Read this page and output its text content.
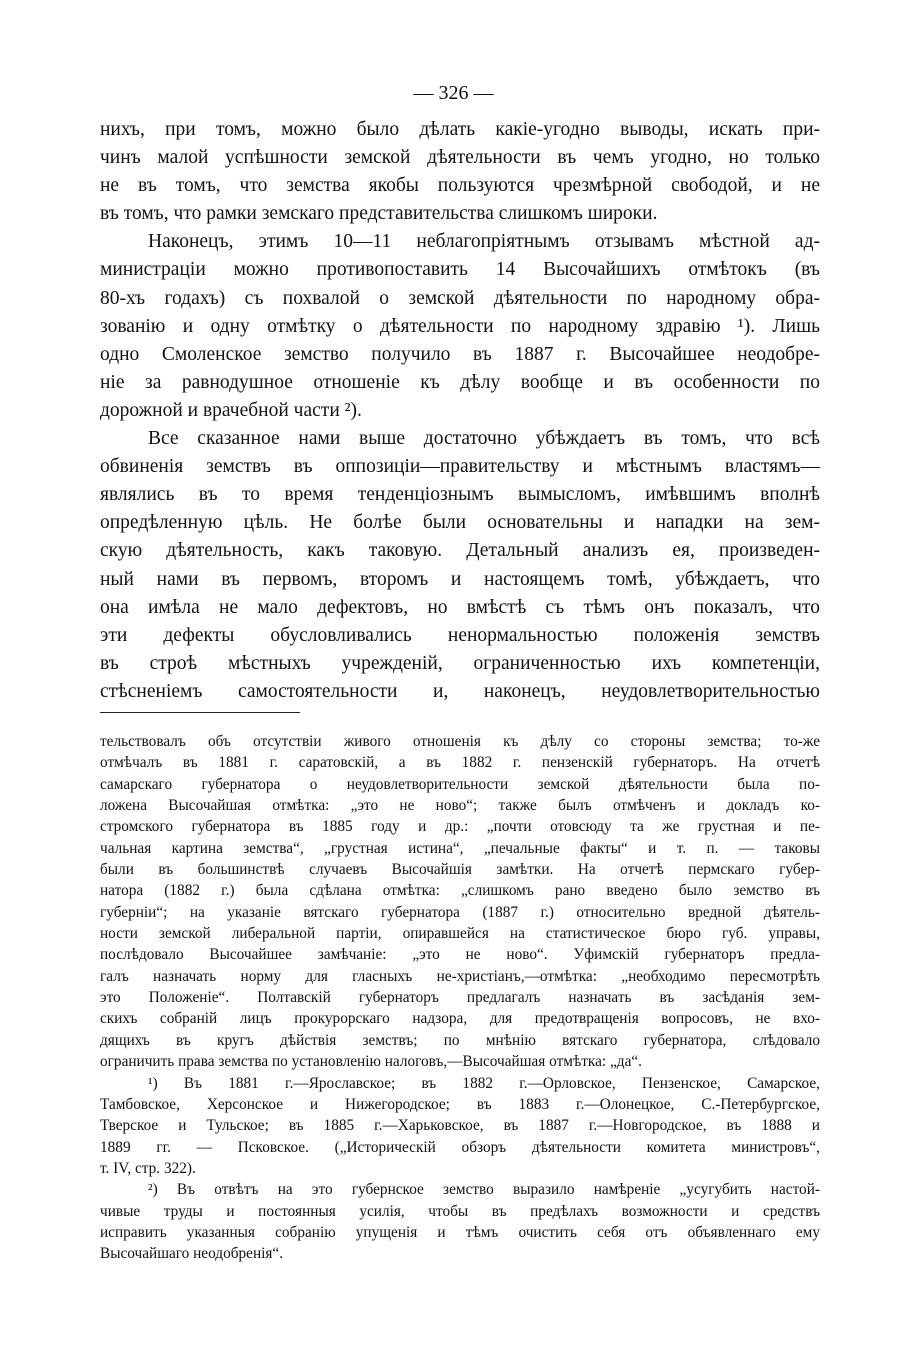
— 326 —
нихъ, при томъ, можно было дѣлать какіе-угодно выводы, искать при-
чинъ малой успѣшности земской дѣятельности въ чемъ угодно, но только
не въ томъ, что земства якобы пользуются чрезмѣрной свободой, и не
въ томъ, что рамки земскаго представительства слишкомъ широки.
Наконецъ, этимъ 10—11 неблагопріятнымъ отзывамъ мѣстной ад-
министраціи можно противопоставить 14 Высочайшихъ отмѣтокъ (въ
80-хъ годахъ) съ похвалой о земской дѣятельности по народному обра-
зованію и одну отмѣтку о дѣятельности по народному здравію ¹). Лишь
одно Смоленское земство получило въ 1887 г. Высочайшее неодобре-
ніе за равнодушное отношеніе къ дѣлу вообще и въ особенности по
дорожной и врачебной части ²).
Все сказанное нами выше достаточно убѣждаетъ въ томъ, что всѣ
обвиненія земствъ въ оппозиціи—правительству и мѣстнымъ властямъ—
являлись въ то время тенденціознымъ вымысломъ, имѣвшимъ вполнѣ
опредѣленную цѣль. Не болѣе были основательны и нападки на зем-
скую дѣятельность, какъ таковую. Детальный анализъ ея, произведен-
ный нами въ первомъ, второмъ и настоящемъ томѣ, убѣждаетъ, что
она имѣла не мало дефектовъ, но вмѣстѣ съ тѣмъ онъ показалъ, что
эти дефекты обусловливались ненормальностью положенія земствъ
въ строѣ мѣстныхъ учрежденій, ограниченностью ихъ компетенціи,
стѣсненіемъ самостоятельности и, наконецъ, неудовлетворительностью
тельствовалъ объ отсутствіи живого отношенія къ дѣлу со стороны земства; то-же
отмѣчалъ въ 1881 г. саратовскій, а въ 1882 г. пензенскій губернаторъ. На отчетѣ
самарскаго губернатора о неудовлетворительности земской дѣятельности была по-
ложена Высочайшая отмѣтка: „это не ново“; также былъ отмѣченъ и докладъ ко-
стромского губернатора въ 1885 году и др.: „почти отовсюду та же грустная и пе-
чальная картина земства“, „грустная истина“, „печальные факты“ и т. п. — таковы
были въ большинствѣ случаевъ Высочайшія замѣтки. На отчетѣ пермскаго губер-
натора (1882 г.) была сдѣлана отмѣтка: „слишкомъ рано введено было земство въ
губерніи“; на указаніе вятскаго губернатора (1887 г.) относительно вредной дѣятель-
ности земской либеральной партіи, опиравшейся на статистическое бюро губ. управы,
послѣдовало Высочайшее замѣчаніе: „это не ново“. Уфимскій губернаторъ предла-
галъ назначать норму для гласныхъ не-христіанъ,—отмѣтка: „необходимо пересмотрѣть
это Положеніе“. Полтавскій губернаторъ предлагалъ назначать въ засѣданія зем-
скихъ собраній лицъ прокурорскаго надзора, для предотвращенія вопросовъ, не вхо-
дящихъ въ кругъ дѣйствія земствъ; по мнѣнію вятскаго губернатора, слѣдовало
ограничить права земства по установленію налоговъ,—Высочайшая отмѣтка: „да“.
¹) Въ 1881 г.—Ярославское; въ 1882 г.—Орловское, Пензенское, Самарское,
Тамбовское, Херсонское и Нижегородское; въ 1883 г.—Олонецкое, С.-Петербургское,
Тверское и Тульское; въ 1885 г.—Харьковское, въ 1887 г.—Новгородское, въ 1888 и
1889 гг. — Псковское. („Историческій обзоръ дѣятельности комитета министровъ“,
т. IV, стр. 322).
²) Въ отвѣтъ на это губернское земство выразило намѣреніе „усугубить настой-
чивые труды и постоянныя усилія, чтобы въ предѣлахъ возможности и средствъ
исправить указанныя собранію упущенія и тѣмъ очистить себя отъ объявленнаго ему
Высочайшаго неодобренія“.
